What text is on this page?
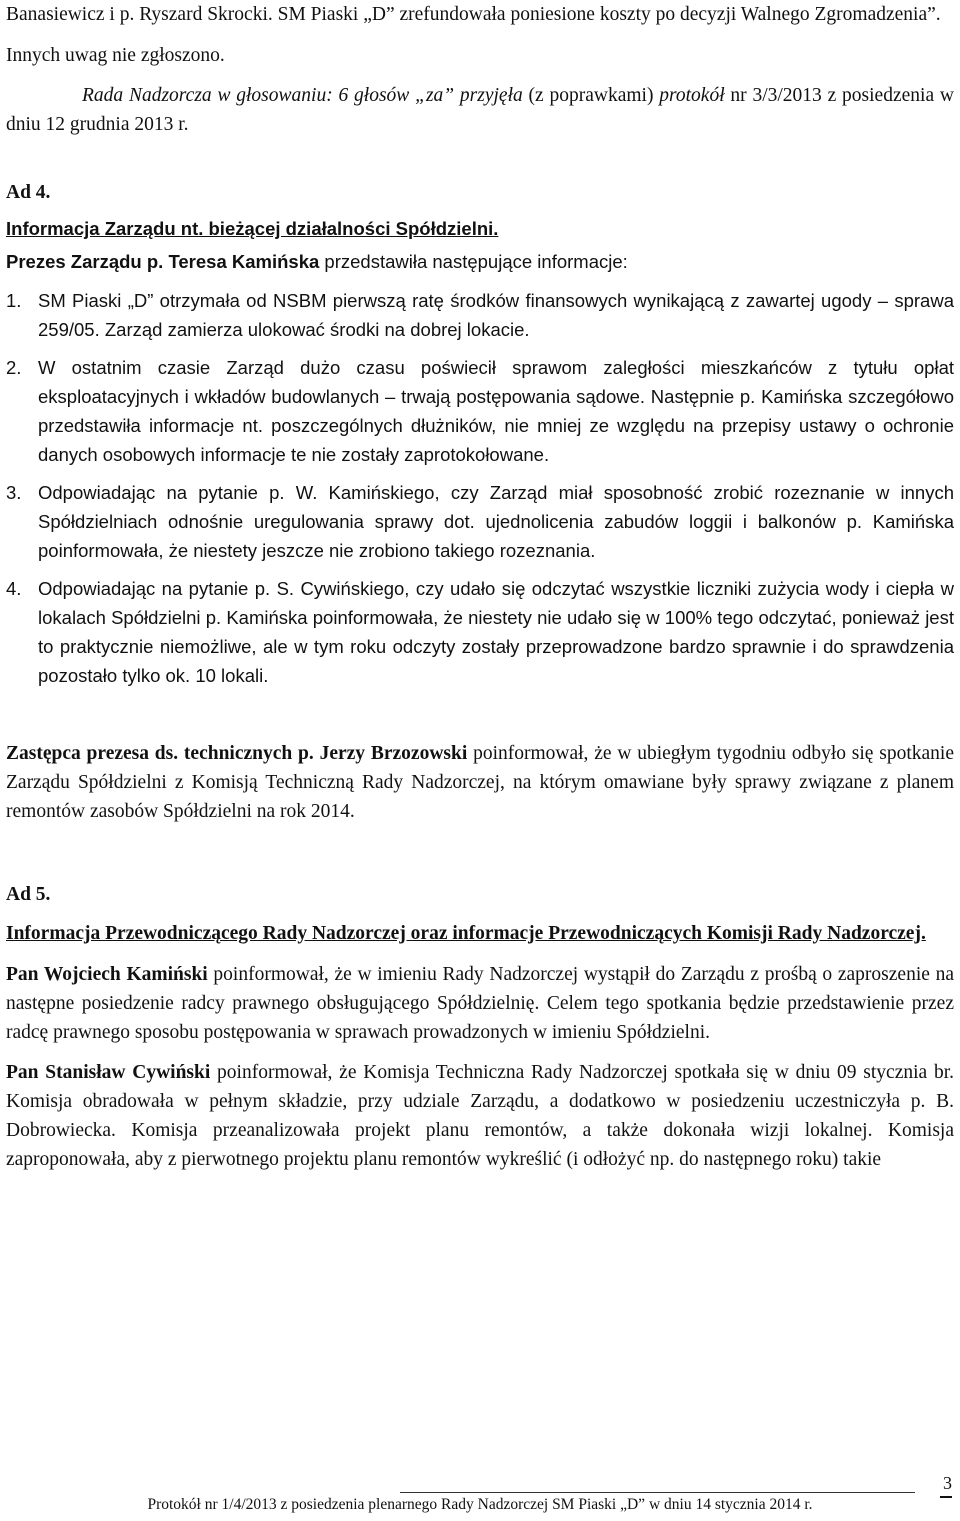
Banasiewicz i p. Ryszard Skrocki. SM Piaski „D” zrefundowała poniesione koszty po decyzji Walnego Zgromadzenia”.

Innych uwag nie zgłoszono.

Rada Nadzorcza w głosowaniu: 6 głosów „za” przyjęła (z poprawkami) protokół nr 3/3/2013 z posiedzenia w dniu 12 grudnia 2013 r.

Ad 4.

Informacja Zarządu nt. bieżącej działalności Spółdzielni.

Prezes Zarządu p. Teresa Kamińska przedstawiła następujące informacje:

1. SM Piaski „D” otrzymała od NSBM pierwszą ratę środków finansowych wynikającą z zawartej ugody – sprawa 259/05. Zarząd zamierza ulokować środki na dobrej lokacie.

2. W ostatnim czasie Zarząd dużo czasu poświecił sprawom zaległości mieszkańców z tytułu opłat eksploatacyjnych i wkładów budowlanych – trwają postępowania sądowe. Następnie p. Kamińska szczegółowo przedstawiła informacje nt. poszczególnych dłużników, nie mniej ze względu na przepisy ustawy o ochronie danych osobowych informacje te nie zostały zaprotokołowane.

3. Odpowiadając na pytanie p. W. Kamińskiego, czy Zarząd miał sposobność zrobić rozeznanie w innych Spółdzielniach odnośnie uregulowania sprawy dot. ujednolicenia zabudów loggii i balkonów p. Kamińska poinformowała, że niestety jeszcze nie zrobiono takiego rozeznania.

4. Odpowiadając na pytanie p. S. Cywińskiego, czy udało się odczytać wszystkie liczniki zużycia wody i ciepła w lokalach Spółdzielni p. Kamińska poinformowała, że niestety nie udało się w 100% tego odczytać, ponieważ jest to praktycznie niemożliwe, ale w tym roku odczyty zostały przeprowadzone bardzo sprawnie i do sprawdzenia pozostało tylko ok. 10 lokali.

Zastępca prezesa ds. technicznych p. Jerzy Brzozowski poinformował, że w ubiegłym tygodniu odbyło się spotkanie Zarządu Spółdzielni z Komisją Techniczną Rady Nadzorczej, na którym omawiane były sprawy związane z planem remontów zasobów Spółdzielni na rok 2014.

Ad 5.

Informacja Przewodniczącego Rady Nadzorczej oraz informacje Przewodniczących Komisji Rady Nadzorczej.

Pan Wojciech Kamiński poinformował, że w imieniu Rady Nadzorczej wystąpił do Zarządu z prośbą o zaproszenie na następne posiedzenie radcy prawnego obsługującego Spółdzielnię. Celem tego spotkania będzie przedstawienie przez radcę prawnego sposobu postępowania w sprawach prowadzonych w imieniu Spółdzielni.

Pan Stanisław Cywiński poinformował, że Komisja Techniczna Rady Nadzorczej spotkała się w dniu 09 stycznia br. Komisja obradowała w pełnym składzie, przy udziale Zarządu, a dodatkowo w posiedzeniu uczestniczyła p. B. Dobrowiecka. Komisja przeanalizowała projekt planu remontów, a także dokonała wizji lokalnej. Komisja zaproponowała, aby z pierwotnego projektu planu remontów wykreślić (i odłożyć np. do następnego roku) takie

Protokół nr 1/4/2013 z posiedzenia plenarnego Rady Nadzorczej SM Piaski „D” w dniu 14 stycznia 2014 r.
3
